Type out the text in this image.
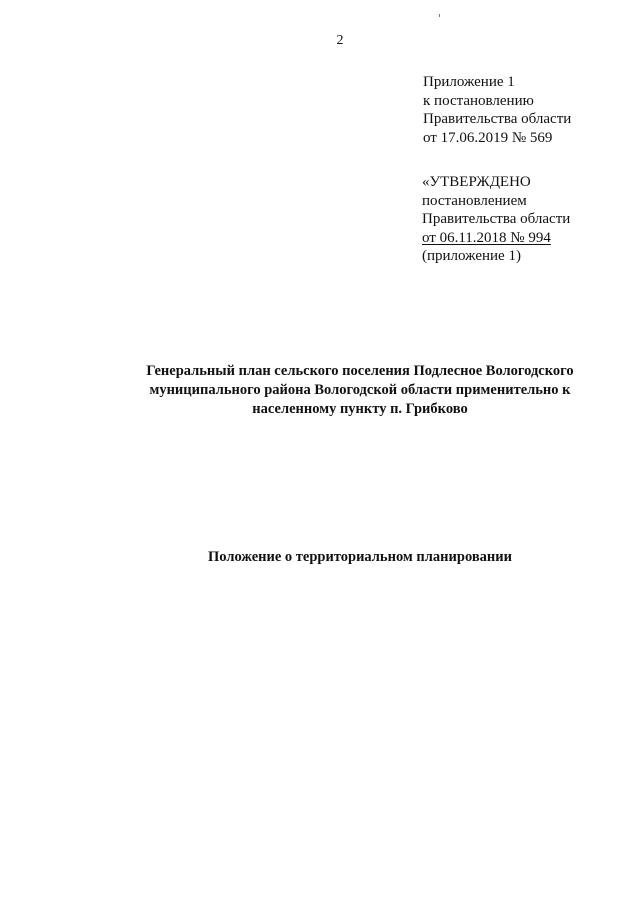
2
Приложение 1
к постановлению
Правительства области
от 17.06.2019 № 569
«УТВЕРЖДЕНО
постановлением
Правительства области
от 06.11.2018 № 994
(приложение 1)
Генеральный план сельского поселения Подлесное Вологодского
муниципального района Вологодской области применительно к
населенному пункту п. Грибково
Положение о территориальном планировании
